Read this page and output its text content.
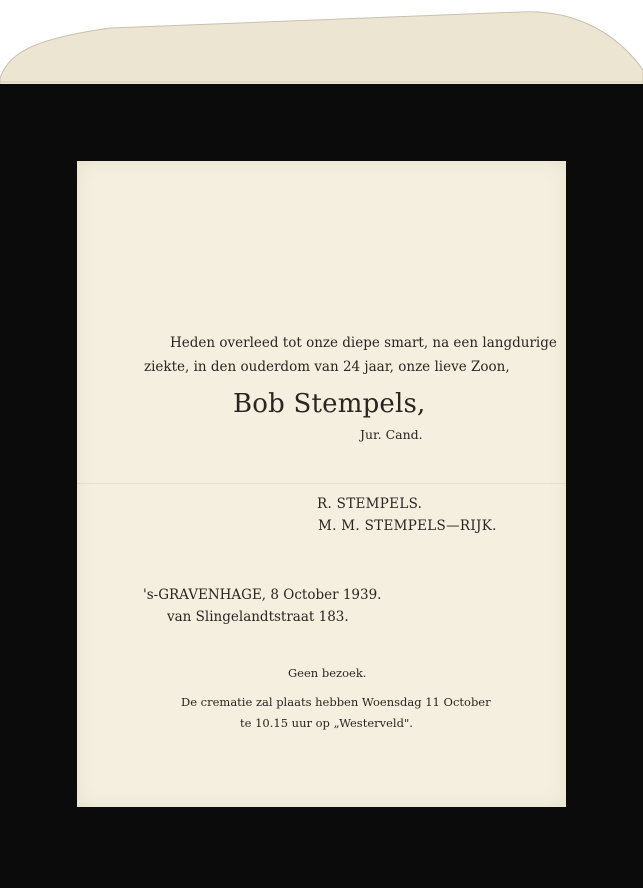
Heden overleed tot onze diepe smart, na een langdurige
ziekte, in den ouderdom van 24 jaar, onze lieve Zoon,
Bob Stempels,
Jur. Cand.
R. STEMPELS.
M. M. STEMPELS—RIJK.
's-GRAVENHAGE, 8 October 1939.
van Slingelandtstraat 183.
Geen bezoek.
De crematie zal plaats hebben Woensdag 11 October
te 10.15 uur op „Westerveld".
